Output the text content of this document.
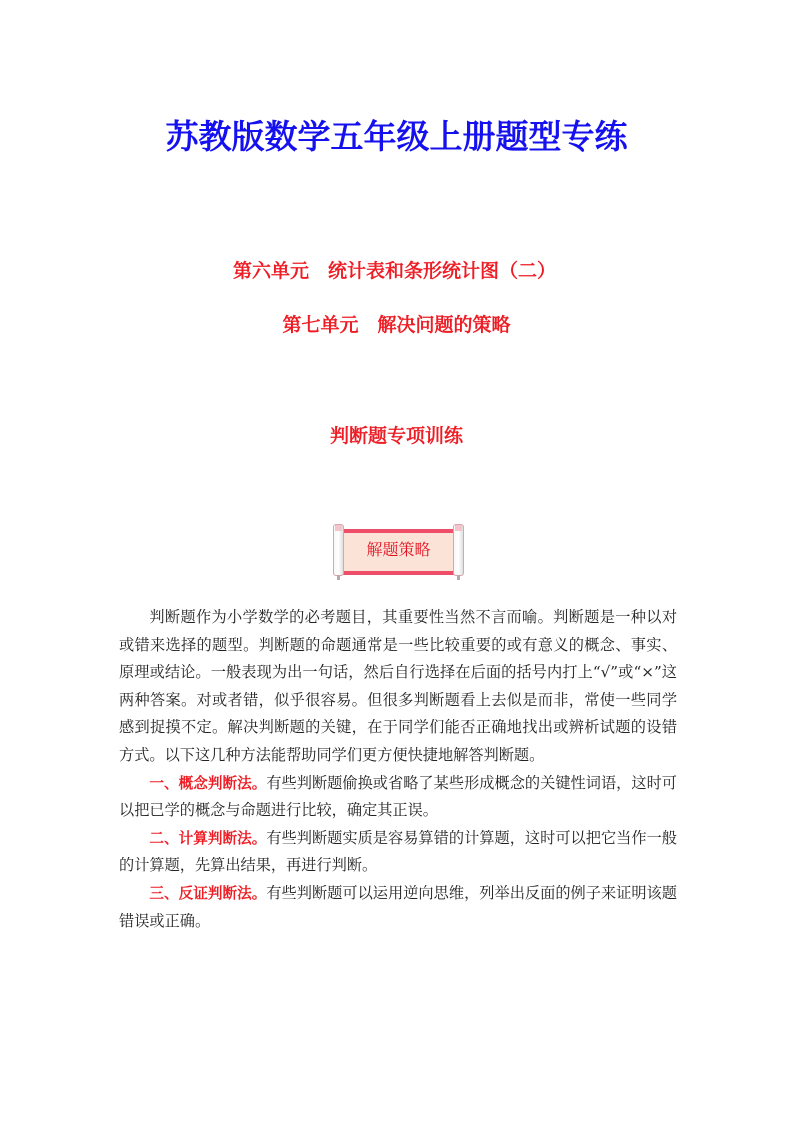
苏教版数学五年级上册题型专练
第六单元　统计表和条形统计图（二）
第七单元　解决问题的策略
判断题专项训练
解题策略

判断题作为小学数学的必考题目，其重要性当然不言而喻。判断题是一种以对或错来选择的题型。判断题的命题通常是一些比较重要的或有意义的概念、事实、原理或结论。一般表现为出一句话，然后自行选择在后面的括号内打上“√”或“×”这两种答案。对或者错，似乎很容易。但很多判断题看上去似是而非，常使一些同学感到捉摸不定。解决判断题的关键，在于同学们能否正确地找出或辨析试题的设错方式。以下这几种方法能帮助同学们更方便快捷地解答判断题。

一、概念判断法。有些判断题偷换或省略了某些形成概念的关键性词语，这时可以把已学的概念与命题进行比较，确定其正误。

二、计算判断法。有些判断题实质是容易算错的计算题，这时可以把它当作一般的计算题，先算出结果，再进行判断。

三、反证判断法。有些判断题可以运用逆向思维，列举出反面的例子来证明该题错误或正确。
